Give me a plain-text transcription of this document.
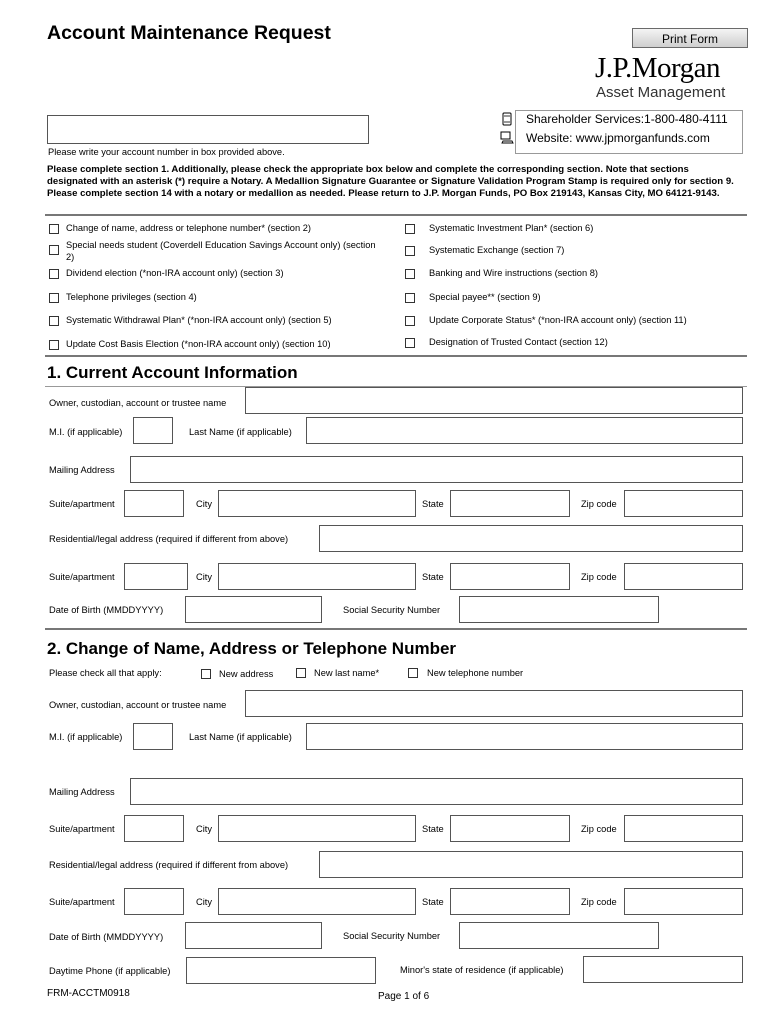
Account Maintenance Request	Print Form
J.P.Morgan
Asset Management
Shareholder Services:1-800-480-4111
Website: www.jpmorganfunds.com
Please write your account number in box provided above.
Please complete section 1. Additionally, please check the appropriate box below and complete the corresponding section. Note that sections designated with an asterisk (*) require a Notary. A Medallion Signature Guarantee or Signature Validation Program Stamp is required only for section 9. Please complete section 14 with a notary or medallion as needed. Please return to J.P. Morgan Funds, PO Box 219143, Kansas City, MO 64121-9143.
Change of name, address or telephone number* (section 2)
Special needs student (Coverdell Education Savings Account only) (section 2)
Dividend election (*non-IRA account only) (section 3)
Telephone privileges (section 4)
Systematic Withdrawal Plan* (*non-IRA account only) (section 5)
Update Cost Basis Election (*non-IRA account only) (section 10)
Systematic Investment Plan* (section 6)
Systematic Exchange (section 7)
Banking and Wire instructions (section 8)
Special payee** (section 9)
Update Corporate Status* (*non-IRA account only) (section 11)
Designation of Trusted Contact (section 12)
1. Current Account Information
Owner, custodian, account or trustee name
M.I. (if applicable)	Last Name (if applicable)
Mailing Address
Suite/apartment	City	State	Zip code
Residential/legal address (required if different from above)
Suite/apartment	City	State	Zip code
Date of Birth (MMDDYYYY)	Social Security Number
2. Change of Name, Address or Telephone Number
Please check all that apply:	New address	New last name*	New telephone number
Owner, custodian, account or trustee name
M.I. (if applicable)	Last Name (if applicable)
Mailing Address
Suite/apartment	City	State	Zip code
Residential/legal address (required if different from above)
Suite/apartment	City	State	Zip code
Date of Birth (MMDDYYYY)	Social Security Number
Daytime Phone (if applicable)	Minor's state of residence (if applicable)
FRM-ACCTM0918	Page 1 of 6
